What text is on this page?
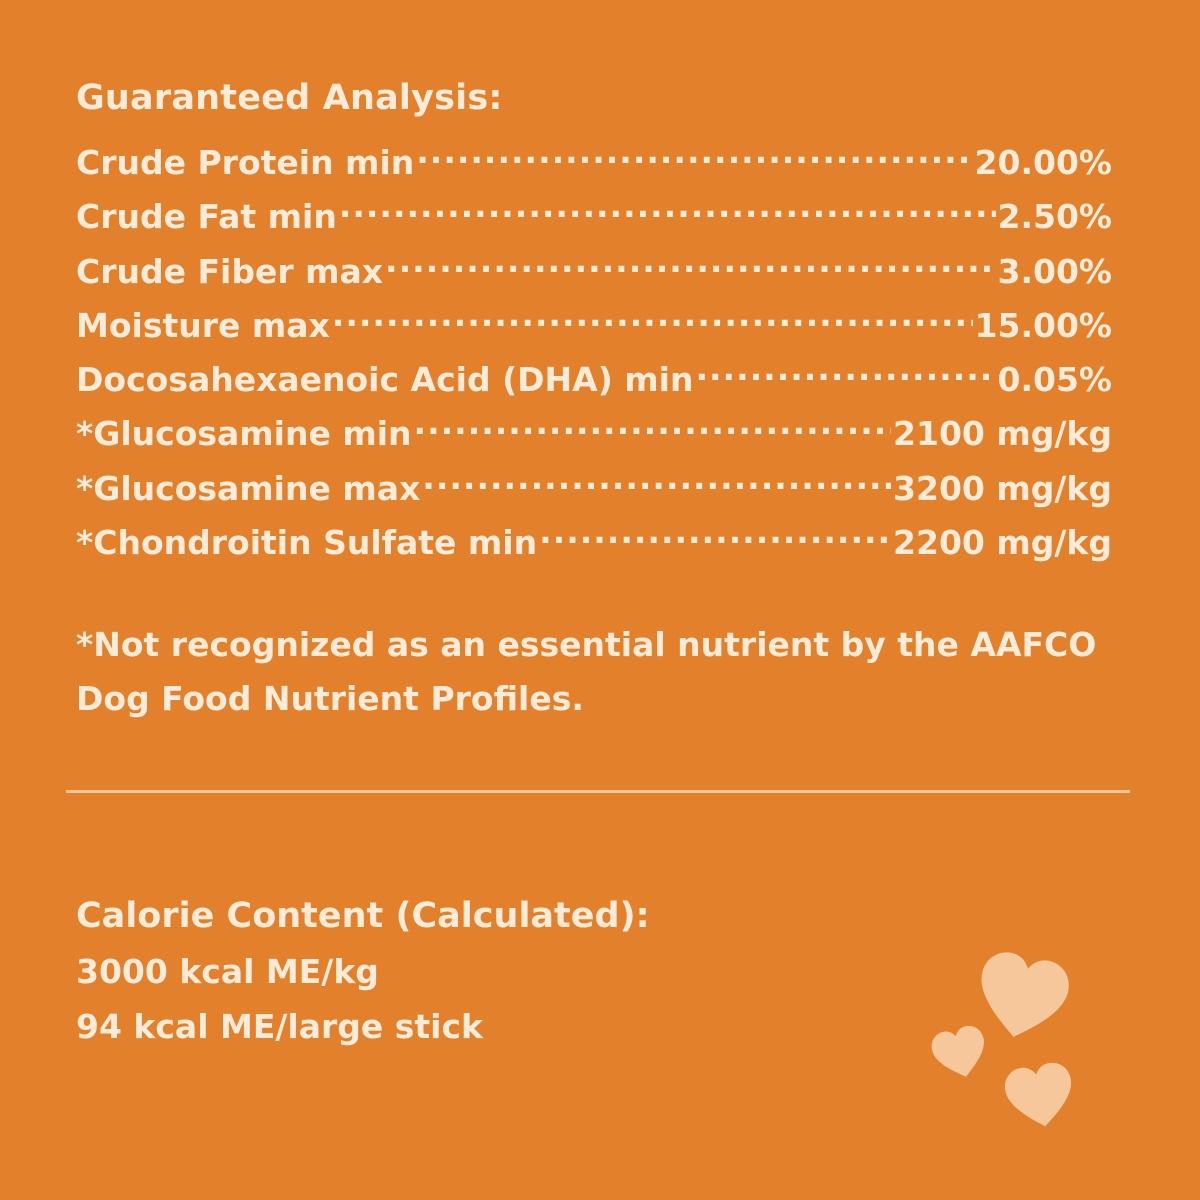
Guaranteed Analysis:
Crude Protein min .....	20.00%
Crude Fat min .....	2.50%
Crude Fiber max .....	3.00%
Moisture max .....	15.00%
Docosahexaenoic Acid (DHA) min .....	0.05%
*Glucosamine min .....	2100 mg/kg
*Glucosamine max .....	3200 mg/kg
*Chondroitin Sulfate min .....	2200 mg/kg
*Not recognized as an essential nutrient by the AAFCO Dog Food Nutrient Profiles.
Calorie Content (Calculated):
3000 kcal ME/kg
94 kcal ME/large stick
